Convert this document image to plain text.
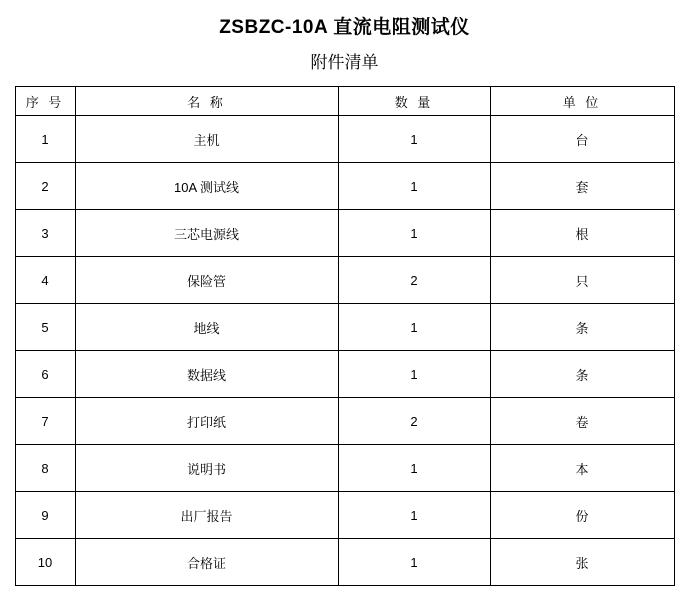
ZSBZC-10A 直流电阻测试仪
附件清单
序 号	名 称	数 量	单 位
1	主机	1	台
2	10A 测试线	1	套
3	三芯电源线	1	根
4	保险管	2	只
5	地线	1	条
6	数据线	1	条
7	打印纸	2	卷
8	说明书	1	本
9	出厂报告	1	份
10	合格证	1	张
